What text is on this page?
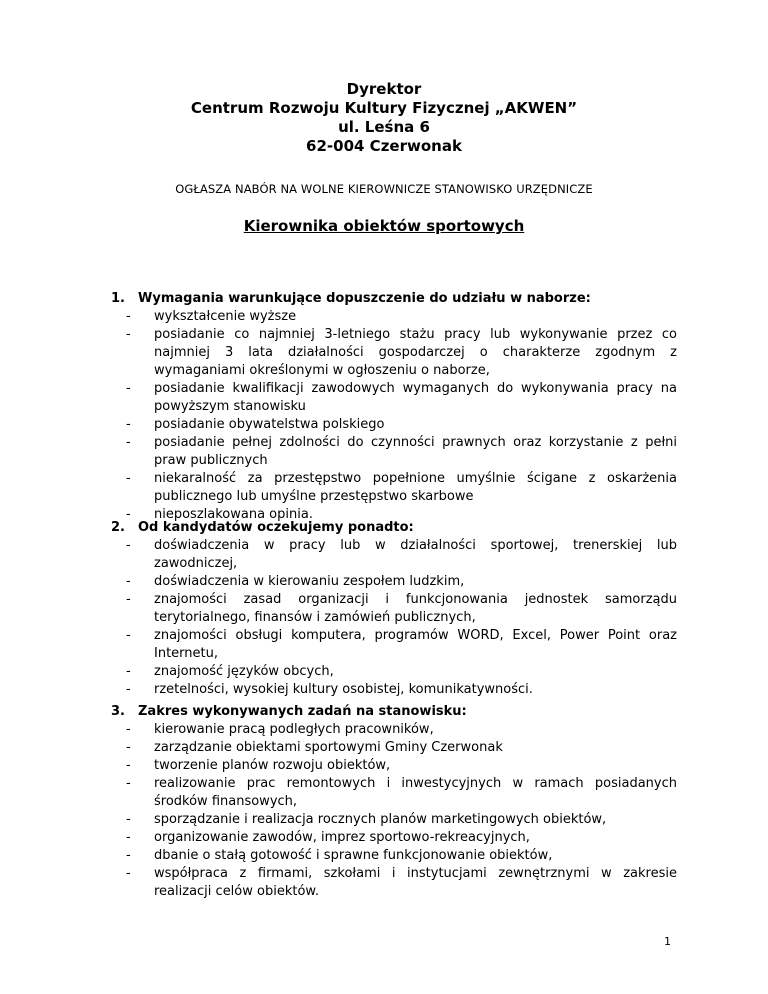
Dyrektor
Centrum Rozwoju Kultury Fizycznej „AKWEN”
ul. Leśna 6
62-004 Czerwonak
OGŁASZA NABÓR NA WOLNE KIEROWNICZE STANOWISKO URZĘDNICZE
Kierownika obiektów sportowych

1. Wymagania warunkujące dopuszczenie do udziału w naborze:

- wykształcenie wyższe
- posiadanie co najmniej 3-letniego stażu pracy lub wykonywanie przez co najmniej 3 lata działalności gospodarczej o charakterze zgodnym z wymaganiami określonymi w ogłoszeniu o naborze,
- posiadanie kwalifikacji zawodowych wymaganych do wykonywania pracy na powyższym stanowisku
- posiadanie obywatelstwa polskiego
- posiadanie pełnej zdolności do czynności prawnych oraz korzystanie z pełni praw publicznych
- niekaralność za przestępstwo popełnione umyślnie ścigane z oskarżenia publicznego lub umyślne przestępstwo skarbowe
- nieposzlakowana opinia.

2. Od kandydatów oczekujemy ponadto:

- doświadczenia w pracy lub w działalności sportowej, trenerskiej lub zawodniczej,
- doświadczenia w kierowaniu zespołem ludzkim,
- znajomości zasad organizacji i funkcjonowania jednostek samorządu terytorialnego, finansów i zamówień publicznych,
- znajomości obsługi komputera, programów WORD, Excel, Power Point oraz Internetu,
- znajomość języków obcych,
- rzetelności, wysokiej kultury osobistej, komunikatywności.

3. Zakres wykonywanych zadań na stanowisku:

- kierowanie pracą podległych pracowników,
- zarządzanie obiektami sportowymi Gminy Czerwonak
- tworzenie planów rozwoju obiektów,
- realizowanie prac remontowych i inwestycyjnych w ramach posiadanych środków finansowych,
- sporządzanie i realizacja rocznych planów marketingowych obiektów,
- organizowanie zawodów, imprez sportowo-rekreacyjnych,
- dbanie o stałą gotowość i sprawne funkcjonowanie obiektów,
- współpraca z firmami, szkołami i instytucjami zewnętrznymi w zakresie realizacji celów obiektów.
1
